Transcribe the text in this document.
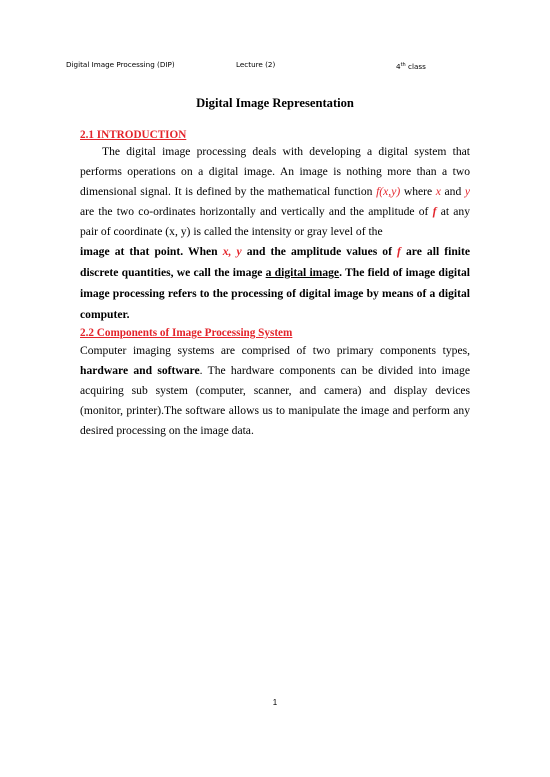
Digital Image Processing (DIP)	Lecture (2)	4th class
Digital Image Representation
2.1 INTRODUCTION
The digital image processing deals with developing a digital system that performs operations on a digital image. An image is nothing more than a two dimensional signal. It is defined by the mathematical function f(x,y) where x and y are the two co-ordinates horizontally and vertically and the amplitude of f at any pair of coordinate (x, y) is called the intensity or gray level of the
image at that point. When x, y and the amplitude values of f are all finite discrete quantities, we call the image a digital image. The field of image digital image processing refers to the processing of digital image by means of a digital computer.
2.2 Components of Image Processing System
Computer imaging systems are comprised of two primary components types, hardware and software. The hardware components can be divided into image acquiring sub system (computer, scanner, and camera) and display devices (monitor, printer).The software allows us to manipulate the image and perform any desired processing on the image data.
1
